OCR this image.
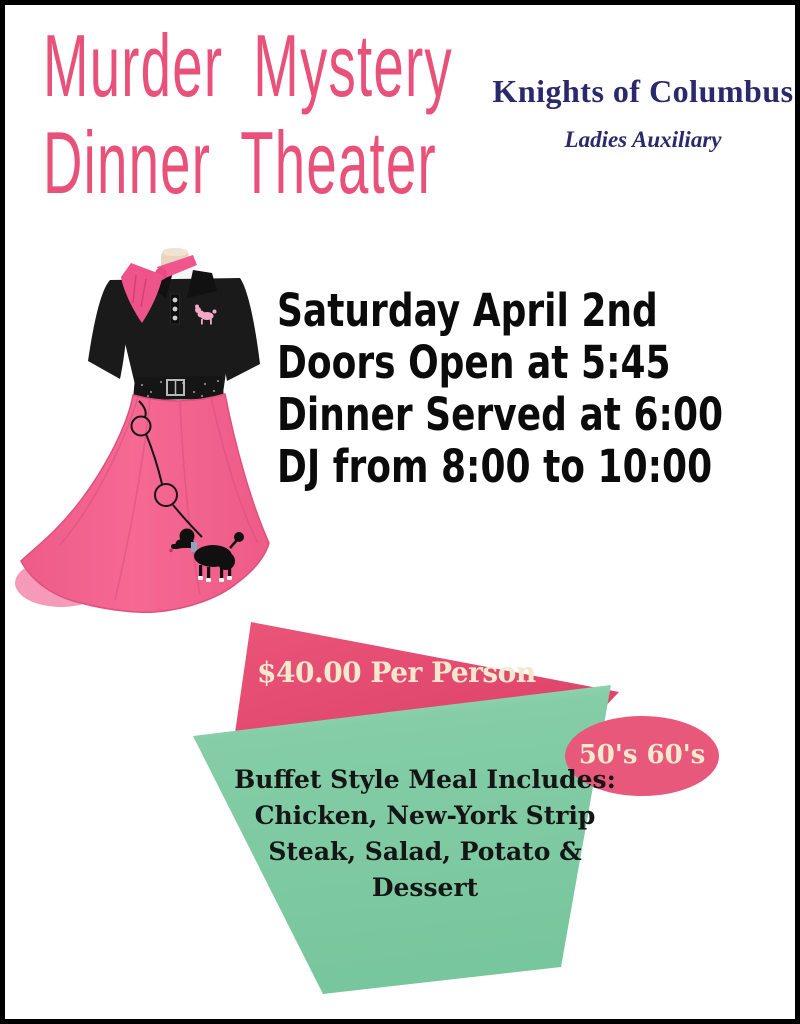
Murder Mystery
Dinner Theater
Knights of Columbus
Ladies Auxiliary
Saturday April 2nd
Doors Open at 5:45
Dinner Served at 6:00
DJ from 8:00 to 10:00
$40.00 Per Person
50's 60's
Buffet Style Meal Includes:
Chicken, New-York Strip
Steak, Salad, Potato &
Dessert
